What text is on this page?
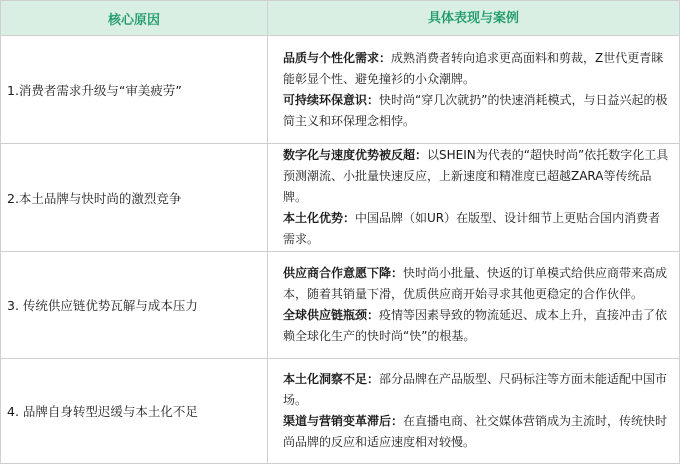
核心原因	具体表现与案例
1.消费者需求升级与“审美疲劳”

品质与个性化需求：成熟消费者转向追求更高面料和剪裁，Z世代更青睐能彰显个性、避免撞衫的小众潮牌。

可持续环保意识：快时尚“穿几次就扔”的快速消耗模式，与日益兴起的极简主义和环保理念相悖。

2.本土品牌与快时尚的激烈竞争

数字化与速度优势被反超：以SHEIN为代表的“超快时尚”依托数字化工具预测潮流、小批量快速反应，上新速度和精准度已超越ZARA等传统品牌。

本土化优势：中国品牌（如UR）在版型、设计细节上更贴合国内消费者需求。

3. 传统供应链优势瓦解与成本压力

供应商合作意愿下降：快时尚小批量、快返的订单模式给供应商带来高成本，随着其销量下滑，优质供应商开始寻求其他更稳定的合作伙伴。

全球供应链瓶颈：疫情等因素导致的物流延迟、成本上升，直接冲击了依赖全球化生产的快时尚“快”的根基。

4. 品牌自身转型迟缓与本土化不足

本土化洞察不足：部分品牌在产品版型、尺码标注等方面未能适配中国市场。

渠道与营销变革滞后：在直播电商、社交媒体营销成为主流时，传统快时尚品牌的反应和适应速度相对较慢。
